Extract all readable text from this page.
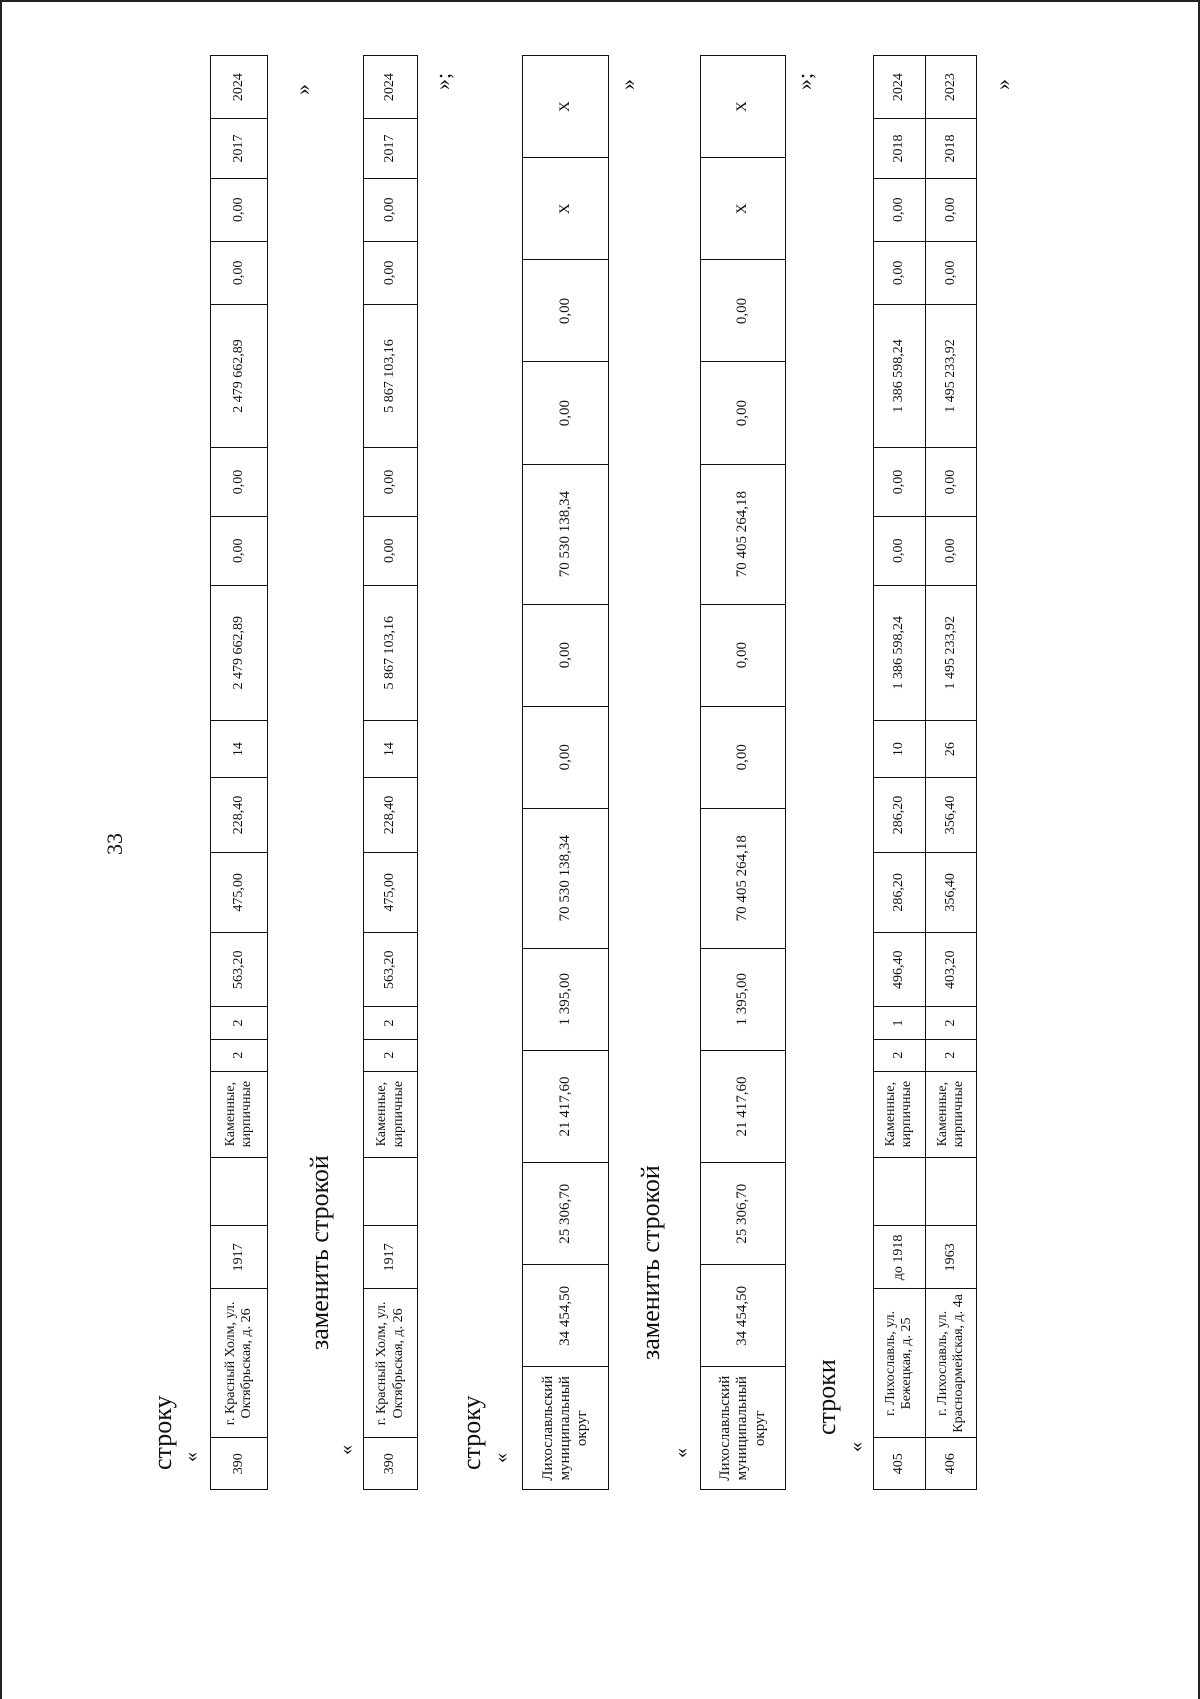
33
строку « 390	г. Красный Холм, ул. Октябрьская, д. 26	1917		Каменные, кирпичные	2	2	563,20	475,00	228,40	14	2 479 662,89	0,00	0,00	2 479 662,89	0,00	0,00	2017	2024 »
заменить строкой
«
390	г. Красный Холм, ул. Октябрьская, д. 26	1917		Каменные, кирпичные	2	2	563,20	475,00	228,40	14	5 867 103,16	0,00	0,00	5 867 103,16	0,00	0,00	2017	2024 »;
строку « Лихославльский муниципальный округ	34 454,50	25 306,70	21 417,60	1 395,00	70 530 138,34	0,00	0,00	70 530 138,34	0,00	0,00	Х	Х
»
заменить строкой
« Лихославльский муниципальный округ	34 454,50	25 306,70	21 417,60	1 395,00	70 405 264,18	0,00	0,00	70 405 264,18	0,00	0,00	Х	Х
»;
строки
«
405	г. Лихославль, ул. Бежецкая, д. 25	до 1918		Каменные, кирпичные	2	1	496,40	286,20	286,20	10	1 386 598,24	0,00	0,00	1 386 598,24	0,00	0,00	2018	2024
406	г. Лихославль, ул. Красноармейская, д. 4а	1963		Каменные, кирпичные	2	2	403,20	356,40	356,40	26	1 495 233,92	0,00	0,00	1 495 233,92	0,00	0,00	2018	2023 »
